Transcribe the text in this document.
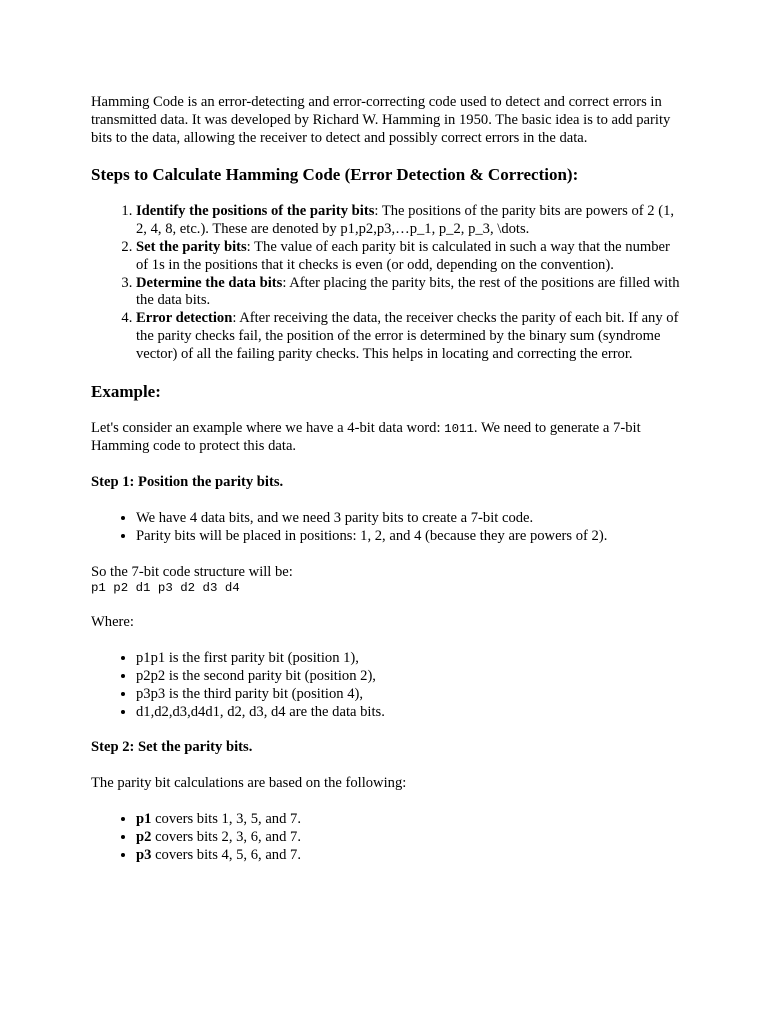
Hamming Code is an error-detecting and error-correcting code used to detect and correct errors in transmitted data. It was developed by Richard W. Hamming in 1950. The basic idea is to add parity bits to the data, allowing the receiver to detect and possibly correct errors in the data.

Steps to Calculate Hamming Code (Error Detection & Correction):
1. Identify the positions of the parity bits: The positions of the parity bits are powers of 2 (1, 2, 4, 8, etc.). These are denoted by p1,p2,p3,…p_1, p_2, p_3, \dots.
2. Set the parity bits: The value of each parity bit is calculated in such a way that the number of 1s in the positions that it checks is even (or odd, depending on the convention).
3. Determine the data bits: After placing the parity bits, the rest of the positions are filled with the data bits.
4. Error detection: After receiving the data, the receiver checks the parity of each bit. If any of the parity checks fail, the position of the error is determined by the binary sum (syndrome vector) of all the failing parity checks. This helps in locating and correcting the error.
Example:

Let's consider an example where we have a 4-bit data word: 1011. We need to generate a 7-bit Hamming code to protect this data.

Step 1: Position the parity bits.

• We have 4 data bits, and we need 3 parity bits to create a 7-bit code.
• Parity bits will be placed in positions: 1, 2, and 4 (because they are powers of 2).

So the 7-bit code structure will be:

p1 p2 d1 p3 d2 d3 d4

Where:

• p1p1 is the first parity bit (position 1),
• p2p2 is the second parity bit (position 2),
• p3p3 is the third parity bit (position 4),
• d1,d2,d3,d4d1, d2, d3, d4 are the data bits.

Step 2: Set the parity bits.

The parity bit calculations are based on the following:

• p1 covers bits 1, 3, 5, and 7.
• p2 covers bits 2, 3, 6, and 7.
• p3 covers bits 4, 5, 6, and 7.
